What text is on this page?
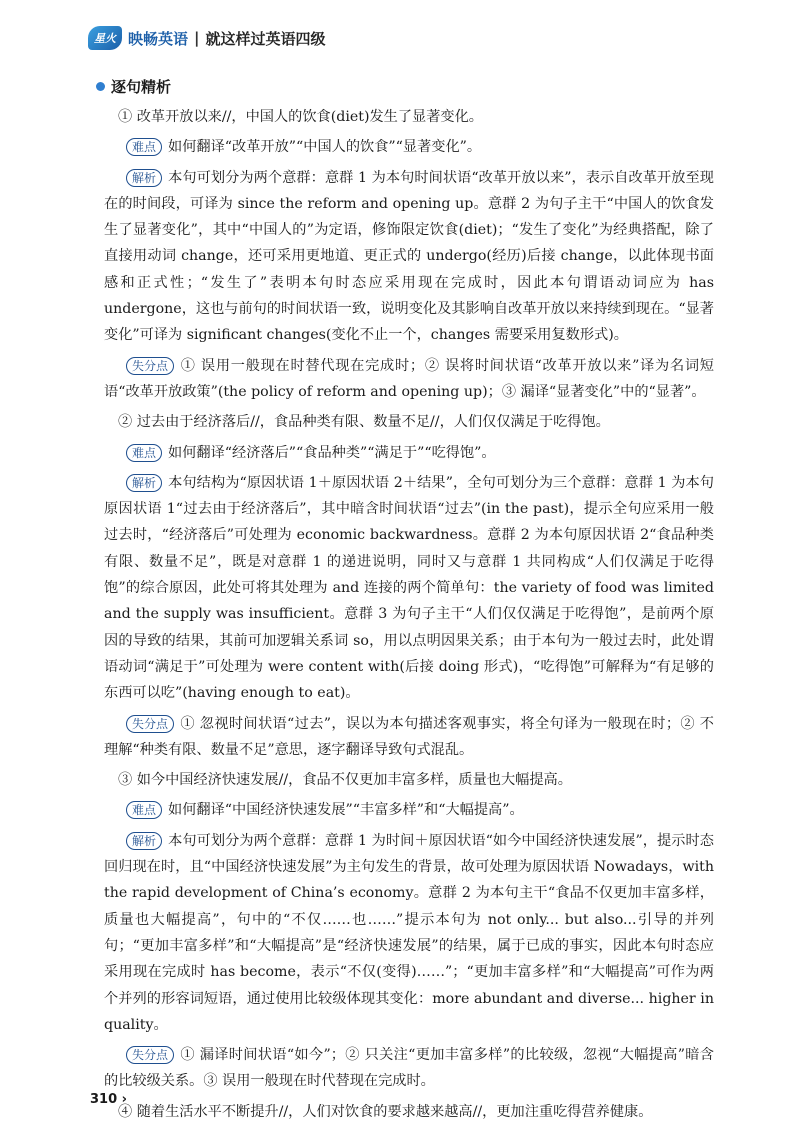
星火 映畅英语 | 就这样过英语四级
逐句精析

① 改革开放以来//，中国人的饮食(diet)发生了显著变化。

难点 如何翻译“改革开放”“中国人的饮食”“显著变化”。

解析 本句可划分为两个意群：意群 1 为本句时间状语“改革开放以来”，表示自改革开放至现在的时间段，可译为 since the reform and opening up。意群 2 为句子主干“中国人的饮食发生了显著变化”，其中“中国人的”为定语，修饰限定饮食(diet)；“发生了变化”为经典搭配，除了直接用动词 change，还可采用更地道、更正式的 undergo(经历)后接 change，以此体现书面感和正式性；“发生了”表明本句时态应采用现在完成时，因此本句谓语动词应为 has undergone，这也与前句的时间状语一致，说明变化及其影响自改革开放以来持续到现在。“显著变化”可译为 significant changes(变化不止一个，changes 需要采用复数形式)。

失分点 ① 误用一般现在时替代现在完成时；② 误将时间状语“改革开放以来”译为名词短语“改革开放政策”(the policy of reform and opening up)；③ 漏译“显著变化”中的“显著”。

② 过去由于经济落后//，食品种类有限、数量不足//，人们仅仅满足于吃得饱。

难点 如何翻译“经济落后”“食品种类”“满足于”“吃得饱”。

解析 本句结构为“原因状语 1＋原因状语 2＋结果”，全句可划分为三个意群：意群 1 为本句原因状语 1“过去由于经济落后”，其中暗含时间状语“过去”(in the past)，提示全句应采用一般过去时，“经济落后”可处理为 economic backwardness。意群 2 为本句原因状语 2“食品种类有限、数量不足”，既是对意群 1 的递进说明，同时又与意群 1 共同构成“人们仅满足于吃得饱”的综合原因，此处可将其处理为 and 连接的两个简单句：the variety of food was limited and the supply was insufficient。意群 3 为句子主干“人们仅仅满足于吃得饱”，是前两个原因的导致的结果，其前可加逻辑关系词 so，用以点明因果关系；由于本句为一般过去时，此处谓语动词“满足于”可处理为 were content with(后接 doing 形式)，“吃得饱”可解释为“有足够的东西可以吃”(having enough to eat)。

失分点 ① 忽视时间状语“过去”，误以为本句描述客观事实，将全句译为一般现在时；② 不理解“种类有限、数量不足”意思，逐字翻译导致句式混乱。

③ 如今中国经济快速发展//，食品不仅更加丰富多样，质量也大幅提高。

难点 如何翻译“中国经济快速发展”“丰富多样”和“大幅提高”。

解析 本句可划分为两个意群：意群 1 为时间＋原因状语“如今中国经济快速发展”，提示时态回归现在时，且“中国经济快速发展”为主句发生的背景，故可处理为原因状语 Nowadays，with the rapid development of China’s economy。意群 2 为本句主干“食品不仅更加丰富多样，质量也大幅提高”，句中的“不仅……也……”提示本句为 not only... but also...引导的并列句；“更加丰富多样”和“大幅提高”是“经济快速发展”的结果，属于已成的事实，因此本句时态应采用现在完成时 has become，表示“不仅(变得)……”；“更加丰富多样”和“大幅提高”可作为两个并列的形容词短语，通过使用比较级体现其变化：more abundant and diverse... higher in quality。

失分点 ① 漏译时间状语“如今”；② 只关注“更加丰富多样”的比较级，忽视“大幅提高”暗含的比较级关系。③ 误用一般现在时代替现在完成时。

④ 随着生活水平不断提升//，人们对饮食的要求越来越高//，更加注重吃得营养健康。

310 ›
